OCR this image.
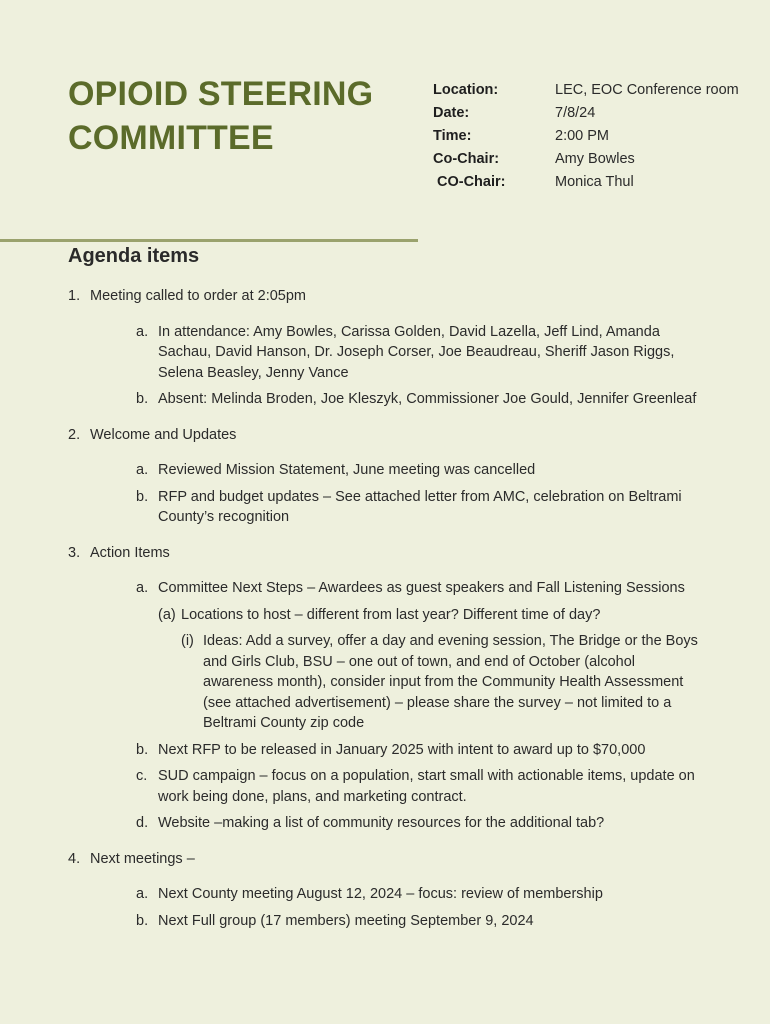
OPIOID STEERING
COMMITTEE
Location:	LEC, EOC Conference room
Date:	7/8/24
Time:	2:00 PM
Co-Chair:	Amy Bowles
CO-Chair:	Monica Thul
Agenda items
1. Meeting called to order at 2:05pm
a. In attendance: Amy Bowles, Carissa Golden, David Lazella, Jeff Lind, Amanda Sachau, David Hanson, Dr. Joseph Corser, Joe Beaudreau, Sheriff Jason Riggs, Selena Beasley, Jenny Vance
b. Absent: Melinda Broden, Joe Kleszyk, Commissioner Joe Gould, Jennifer Greenleaf
2. Welcome and Updates
a. Reviewed Mission Statement, June meeting was cancelled
b. RFP and budget updates – See attached letter from AMC, celebration on Beltrami County’s recognition
3. Action Items
a. Committee Next Steps – Awardees as guest speakers and Fall Listening Sessions
(a) Locations to host – different from last year? Different time of day?
(i) Ideas: Add a survey, offer a day and evening session, The Bridge or the Boys and Girls Club, BSU – one out of town, and end of October (alcohol awareness month), consider input from the Community Health Assessment (see attached advertisement) – please share the survey – not limited to a Beltrami County zip code
b. Next RFP to be released in January 2025 with intent to award up to $70,000
c. SUD campaign – focus on a population, start small with actionable items, update on work being done, plans, and marketing contract.
d. Website –making a list of community resources for the additional tab?
4. Next meetings –
a. Next County meeting August 12, 2024 – focus: review of membership
b. Next Full group (17 members) meeting September 9, 2024
